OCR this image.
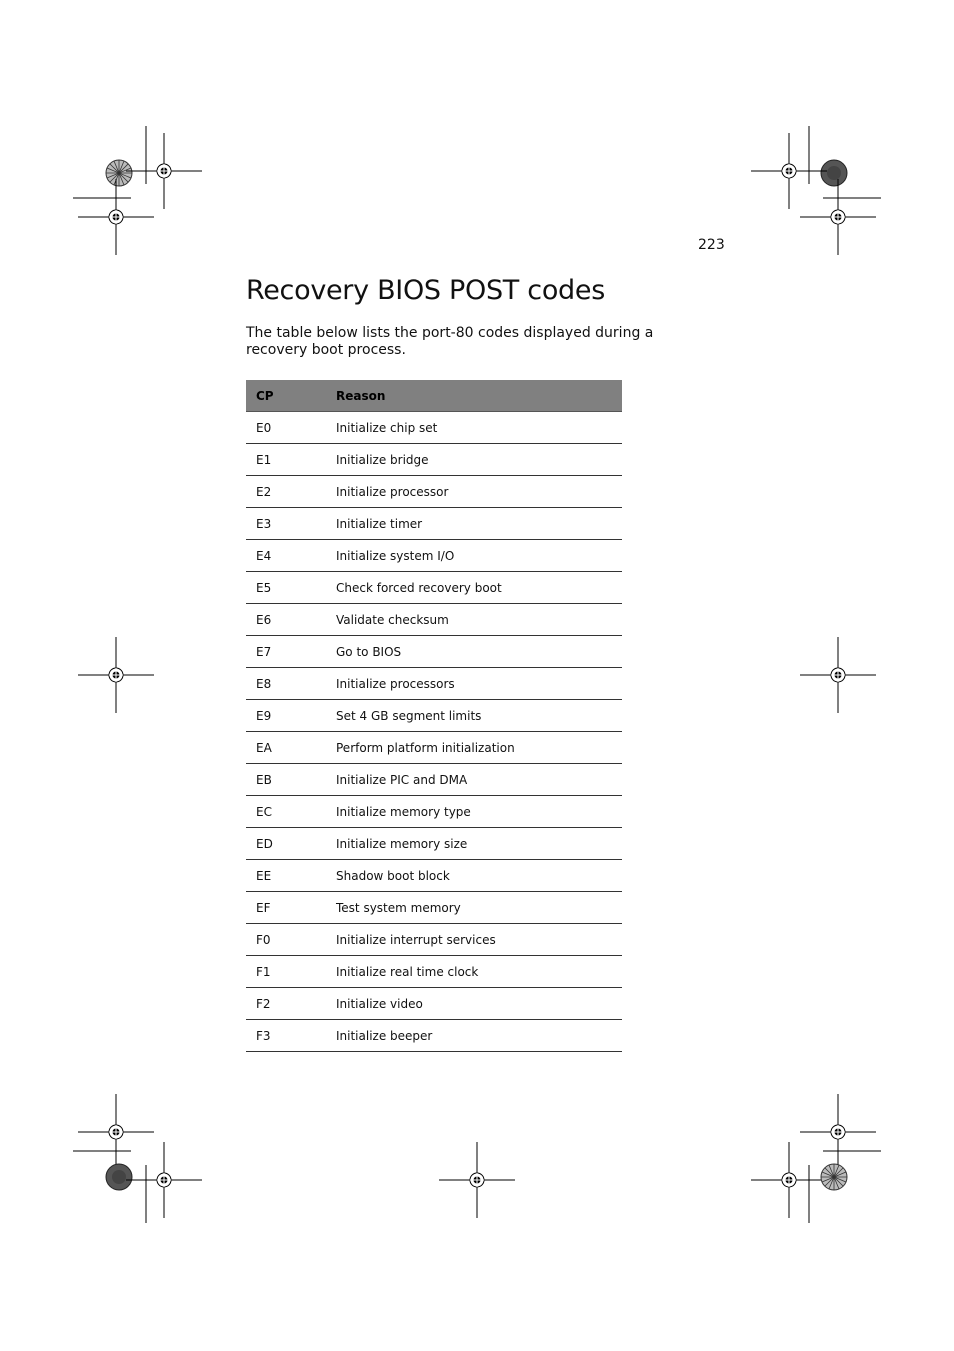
223
Recovery BIOS POST codes

The table below lists the port-80 codes displayed during a recovery boot process.

CP	Reason
E0	Initialize chip set
E1	Initialize bridge
E2	Initialize processor
E3	Initialize timer
E4	Initialize system I/O
E5	Check forced recovery boot
E6	Validate checksum
E7	Go to BIOS
E8	Initialize processors
E9	Set 4 GB segment limits
EA	Perform platform initialization
EB	Initialize PIC and DMA
EC	Initialize memory type
ED	Initialize memory size
EE	Shadow boot block
EF	Test system memory
F0	Initialize interrupt services
F1	Initialize real time clock
F2	Initialize video
F3	Initialize beeper
